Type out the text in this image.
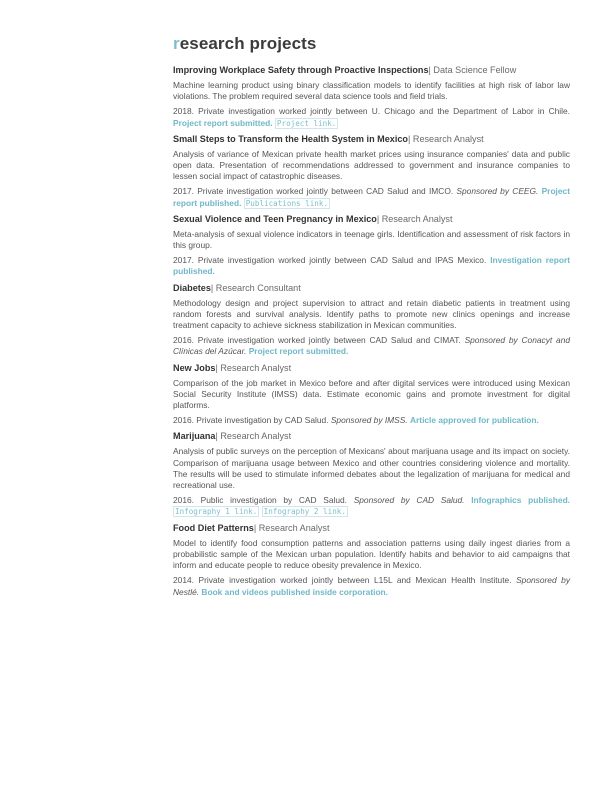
research projects
Improving Workplace Safety through Proactive Inspections| Data Science Fellow
Machine learning product using binary classification models to identify facilities at high risk of labor law violations. The problem required several data science tools and field trials.
2018. Private investigation worked jointly between U. Chicago and the Department of Labor in Chile. Project report submitted. Project link.
Small Steps to Transform the Health System in Mexico| Research Analyst
Analysis of variance of Mexican private health market prices using insurance companies' data and public open data. Presentation of recommendations addressed to government and insurance companies to lessen social impact of catastrophic diseases.
2017. Private investigation worked jointly between CAD Salud and IMCO. Sponsored by CEEG. Project report published. Publications link.
Sexual Violence and Teen Pregnancy in Mexico| Research Analyst
Meta-analysis of sexual violence indicators in teenage girls. Identification and assessment of risk factors in this group.
2017. Private investigation worked jointly between CAD Salud and IPAS Mexico. Investigation report published.
Diabetes| Research Consultant
Methodology design and project supervision to attract and retain diabetic patients in treatment using random forests and survival analysis. Identify paths to promote new clinics openings and increase treatment capacity to achieve sickness stabilization in Mexican communities.
2016. Private investigation worked jointly between CAD Salud and CIMAT. Sponsored by Conacyt and Clínicas del Azúcar. Project report submitted.
New Jobs| Research Analyst
Comparison of the job market in Mexico before and after digital services were introduced using Mexican Social Security Institute (IMSS) data. Estimate economic gains and promote investment for digital platforms.
2016. Private investigation by CAD Salud. Sponsored by IMSS. Article approved for publication.
Marijuana| Research Analyst
Analysis of public surveys on the perception of Mexicans' about marijuana usage and its impact on society. Comparison of marijuana usage between Mexico and other countries considering violence and mortality. The results will be used to stimulate informed debates about the legalization of marijuana for medical and recreational use.
2016. Public investigation by CAD Salud. Sponsored by CAD Salud. Infographics published. Infography 1 link. Infography 2 link.
Food Diet Patterns| Research Analyst
Model to identify food consumption patterns and association patterns using daily ingest diaries from a probabilistic sample of the Mexican urban population. Identify habits and behavior to aid campaigns that inform and educate people to reduce obesity prevalence in Mexico.
2014. Private investigation worked jointly between L15L and Mexican Health Institute. Sponsored by Nestlé. Book and videos published inside corporation.
